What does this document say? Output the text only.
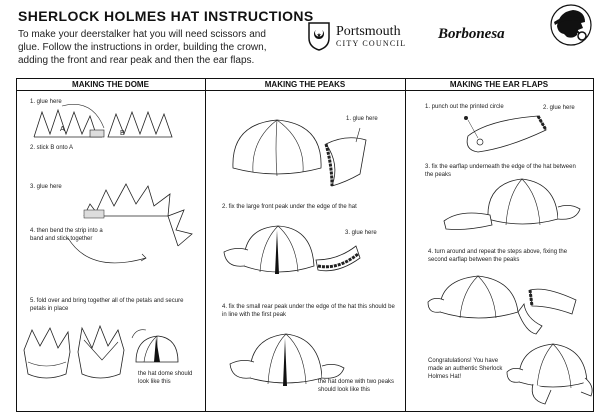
SHERLOCK HOLMES HAT INSTRUCTIONS
To make your deerstalker hat you will need scissors and glue. Follow the instructions in order, building the crown, adding the front and rear peak and then the ear flaps.
Portsmouth
CITY COUNCIL
Borbonesa
MAKING THE DOME	MAKING THE PEAKS	MAKING THE EAR FLAPS
1. glue here
A
B
2. stick B onto A
3. glue here
4. then bend the strip into a band and stick together
5. fold over and bring together all of the petals and secure petals in place
the hat dome should look like this
1. glue here
2. fix the large front peak under the edge of the hat
3. glue here
4. fix the small rear peak under the edge of the hat this should be in line with the first peak
the hat dome with two peaks should look like this
1. punch out the printed circle	2. glue here
3. fix the earflap underneath the edge of the hat between the peaks
4. turn around and repeat the steps above, fixing the second earflap between the peaks
Congratulations! You have made an authentic Sherlock Holmes Hat!
